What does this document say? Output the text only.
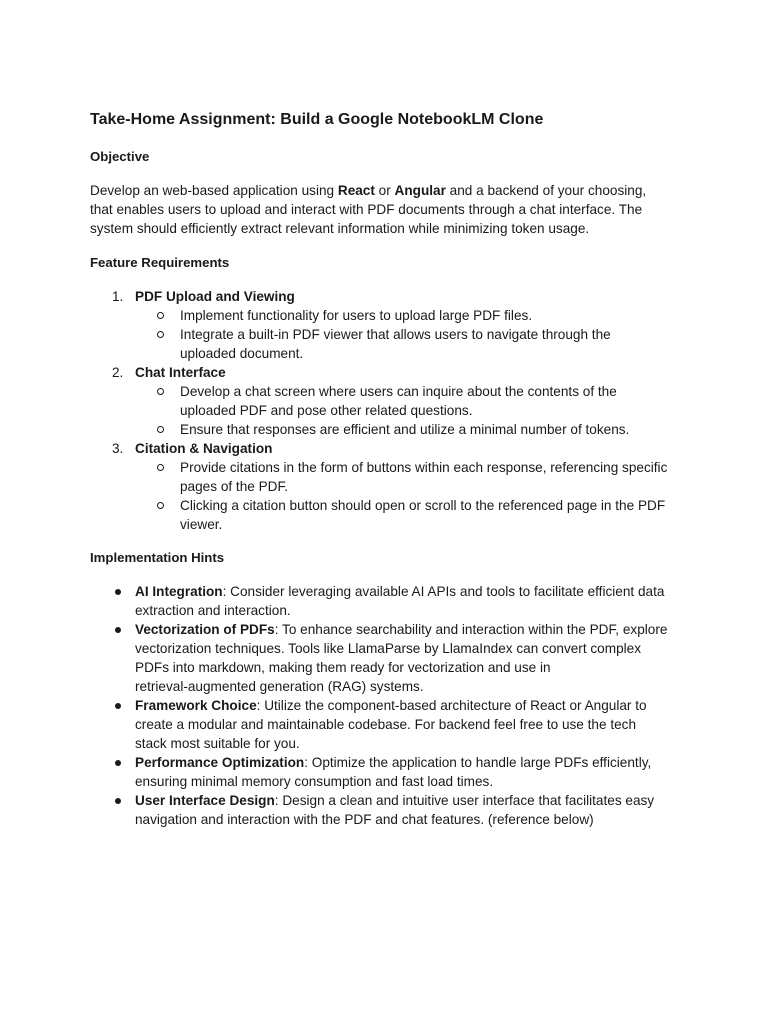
Take-Home Assignment: Build a Google NotebookLM Clone
Objective

Develop an web-based application using React or Angular and a backend of your choosing,
that enables users to upload and interact with PDF documents through a chat interface. The
system should efficiently extract relevant information while minimizing token usage.

Feature Requirements
1. PDF Upload and Viewing
Implement functionality for users to upload large PDF files.
Integrate a built-in PDF viewer that allows users to navigate through the
uploaded document.
2. Chat Interface
Develop a chat screen where users can inquire about the contents of the
uploaded PDF and pose other related questions.
Ensure that responses are efficient and utilize a minimal number of tokens.
3. Citation & Navigation
Provide citations in the form of buttons within each response, referencing specific
pages of the PDF.
Clicking a citation button should open or scroll to the referenced page in the PDF
viewer.
Implementation Hints
AI Integration: Consider leveraging available AI APIs and tools to facilitate efficient data
extraction and interaction.
Vectorization of PDFs: To enhance searchability and interaction within the PDF, explore
vectorization techniques. Tools like LlamaParse by LlamaIndex can convert complex
PDFs into markdown, making them ready for vectorization and use in
retrieval-augmented generation (RAG) systems.
Framework Choice: Utilize the component-based architecture of React or Angular to
create a modular and maintainable codebase. For backend feel free to use the tech
stack most suitable for you.
Performance Optimization: Optimize the application to handle large PDFs efficiently,
ensuring minimal memory consumption and fast load times.
User Interface Design: Design a clean and intuitive user interface that facilitates easy
navigation and interaction with the PDF and chat features. (reference below)
